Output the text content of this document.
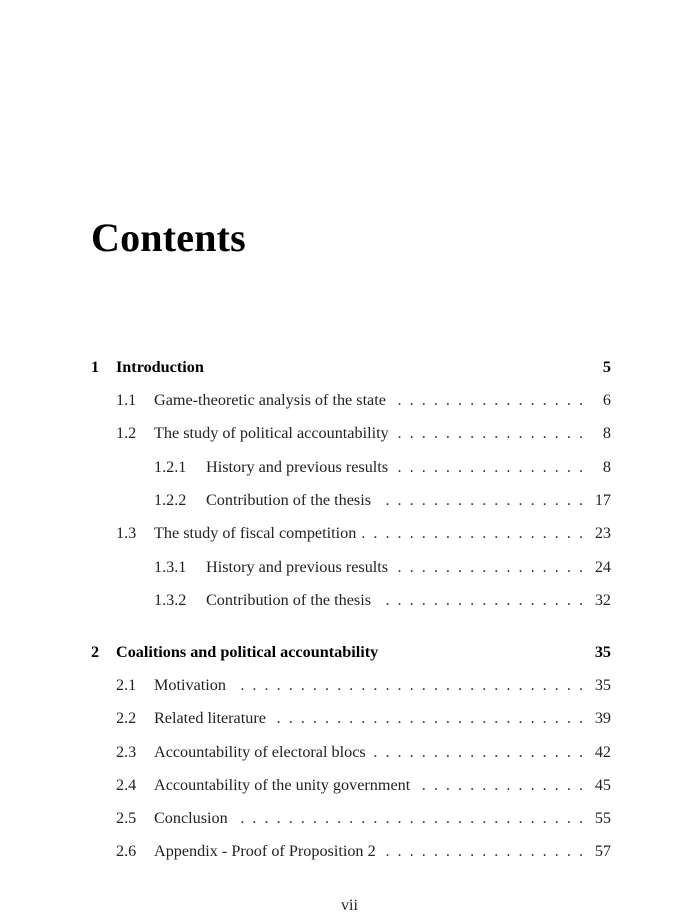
Contents
1 Introduction	5
1.1 Game-theoretic analysis of the state . . .	6
1.2 The study of political accountability . . .	8
1.2.1 History and previous results . . .	8
1.2.2 Contribution of the thesis . . .	17
1.3 The study of fiscal competition . . .	23
1.3.1 History and previous results . . .	24
1.3.2 Contribution of the thesis . . .	32
2 Coalitions and political accountability	35
2.1 Motivation . . .	35
2.2 Related literature . . .	39
2.3 Accountability of electoral blocs . . .	42
2.4 Accountability of the unity government . . .	45
2.5 Conclusion . . .	55
2.6 Appendix - Proof of Proposition 2 . . .	57
vii
